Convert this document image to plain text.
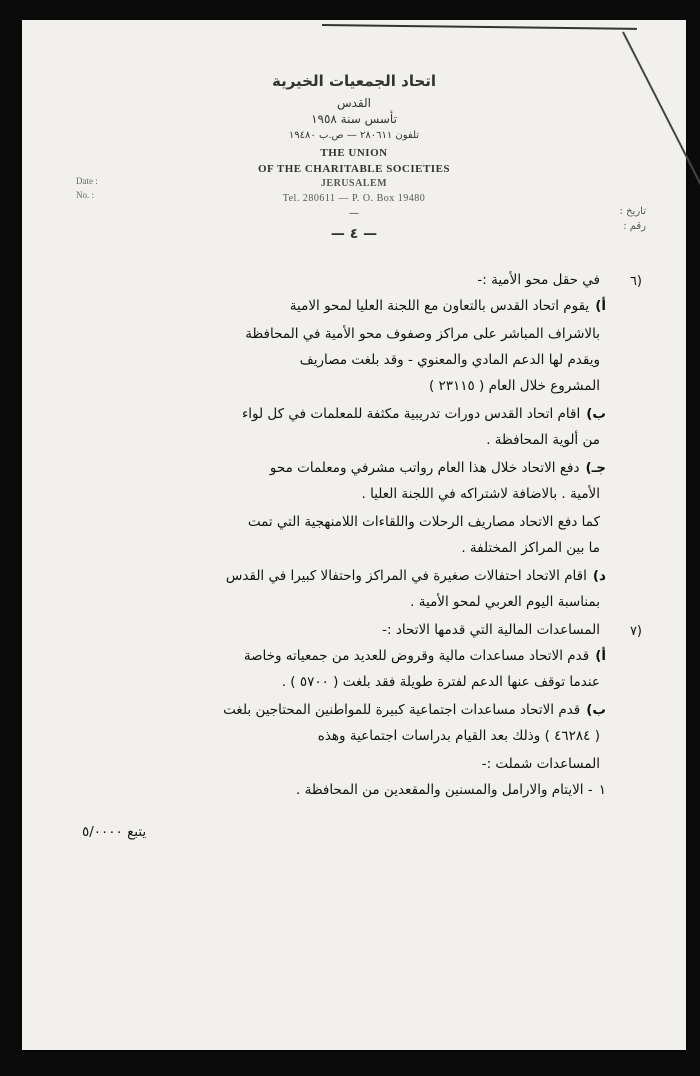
اتحاد الجمعيات الخيرية
القدس
تأسس سنة ١٩٥٨
تلفون ٢٨٠٦١١ — ص.ب ١٩٤٨٠
THE UNION
OF THE CHARITABLE SOCIETIES
JERUSALEM
Tel. 280611 — P. O. Box 19480
—
Date :
No. :
تاريخ :
رقم :
— ٤ —
٦)
في حقل محو الأمية :-
أ)يقوم اتحاد القدس بالتعاون مع اللجنة العليا لمحو الامية
بالاشراف المباشر على مراكز وصفوف محو الأمية في المحافظة
ويقدم لها الدعم المادي والمعنوي - وقد بلغت مصاريف
المشروع خلال العام ( ٢٣١١٥ )
ب)اقام اتحاد القدس دورات تدريبية مكثفة للمعلمات في كل لواء
من ألوية المحافظة .
جـ)دفع الاتحاد خلال هذا العام رواتب مشرفي ومعلمات محو
الأمية . بالاضافة لاشتراكه في اللجنة العليا .
كما دفع الاتحاد مصاريف الرحلات واللقاءات اللامنهجية التي تمت
ما بين المراكز المختلفة .
د)اقام الاتحاد احتفالات صغيرة في المراكز واحتفالا كبيرا في القدس
بمناسبة اليوم العربي لمحو الأمية .
٧)
المساعدات المالية التي قدمها الاتحاد :-
أ)قدم الاتحاد مساعدات مالية وقروض للعديد من جمعياته وخاصة
عندما توقف عنها الدعم لفترة طويلة فقد بلغت ( ٥٧٠٠ ) .
ب)قدم الاتحاد مساعدات اجتماعية كبيرة للمواطنين المحتاجين بلغت
( ٤٦٢٨٤ ) وذلك بعد القيام بدراسات اجتماعية وهذه
المساعدات شملت :-
١- الايتام والارامل والمسنين والمقعدين من المحافظة .
يتبع ٥/٠٠٠٠
